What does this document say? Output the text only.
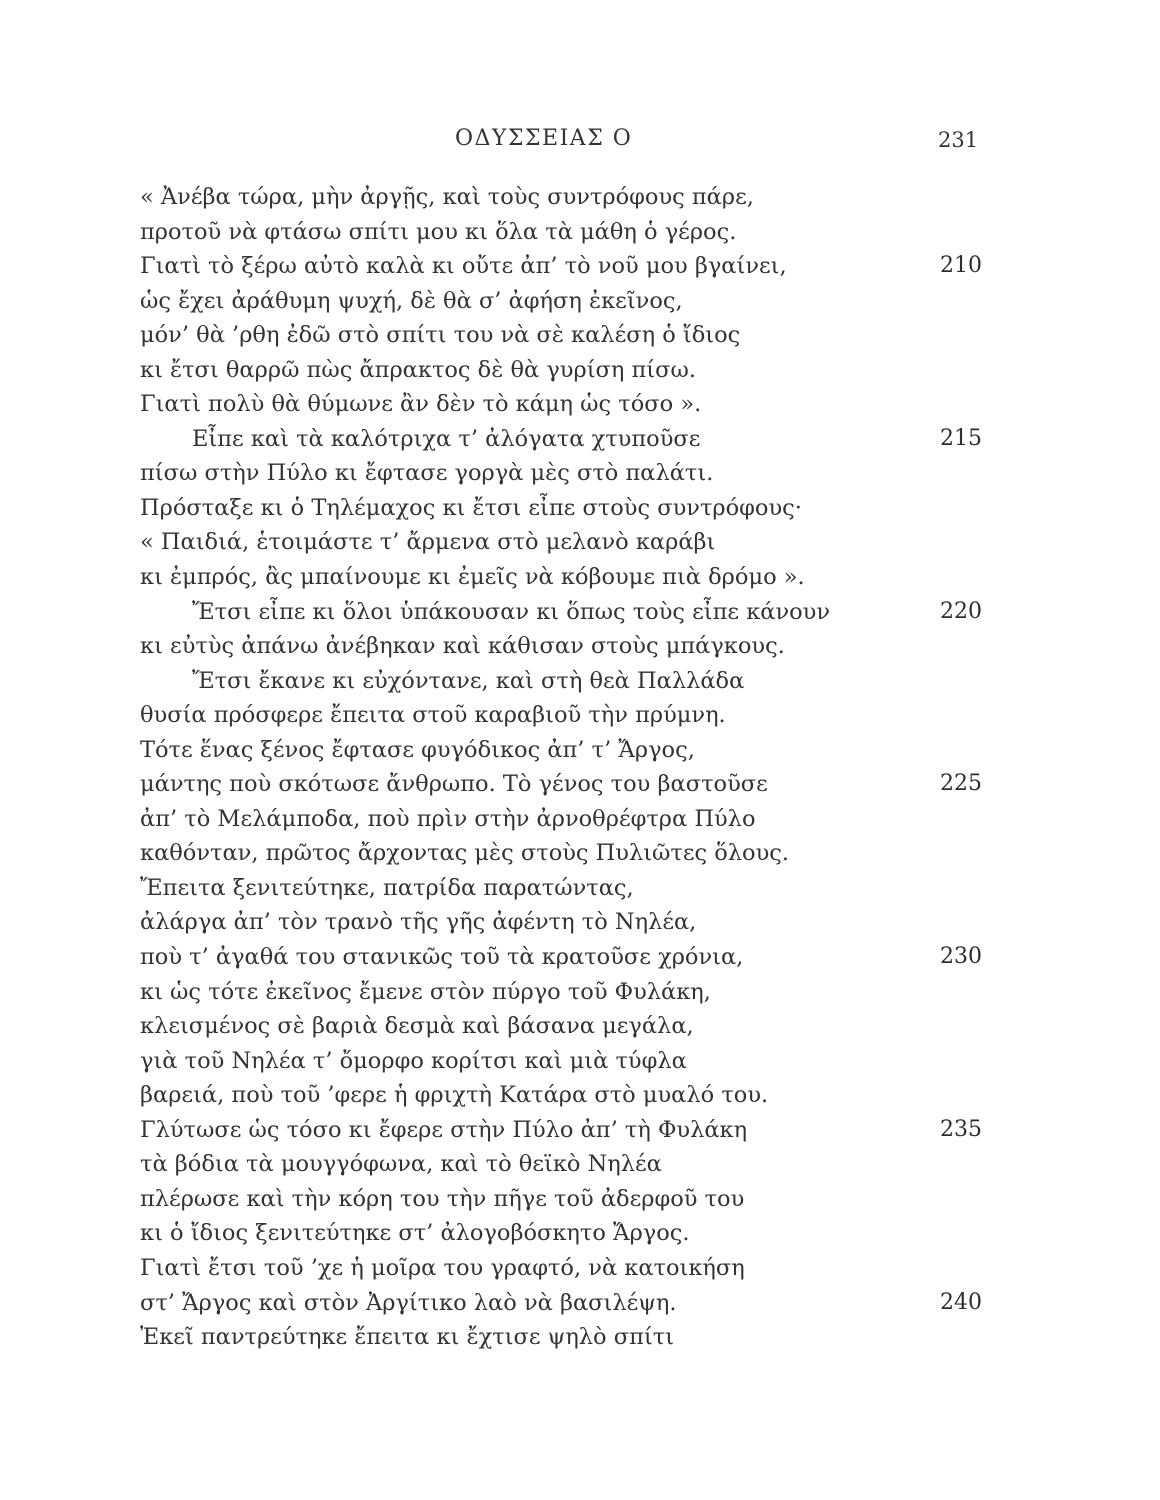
ΟΔΥΣΣΕΙΑΣ Ο	231
« Ἀνέβα τώρα, μὴν ἀργῇς, καὶ τοὺς συντρόφους πάρε,
προτοῦ νὰ φτάσω σπίτι μου κι ὅλα τὰ μάθη ὁ γέρος.
Γιατὶ τὸ ξέρω αὐτὸ καλὰ κι οὔτε ἀπ’ τὸ νοῦ μου βγαίνει,	210
ὡς ἔχει ἀράθυμη ψυχή, δὲ θὰ σ’ ἀφήση ἐκεῖνος,
μόν’ θὰ ’ρθη ἐδῶ στὸ σπίτι του νὰ σὲ καλέση ὁ ἴδιος
κι ἔτσι θαρρῶ πὼς ἄπρακτος δὲ θὰ γυρίση πίσω.
Γιατὶ πολὺ θὰ θύμωνε ἂν δὲν τὸ κάμη ὡς τόσο ».
Εἶπε καὶ τὰ καλότριχα τ’ ἀλόγατα χτυποῦσε	215
πίσω στὴν Πύλο κι ἔφτασε γοργὰ μὲς στὸ παλάτι.
Πρόσταξε κι ὁ Τηλέμαχος κι ἔτσι εἶπε στοὺς συντρόφους·
« Παιδιά, ἑτοιμάστε τ’ ἄρμενα στὸ μελανὸ καράβι
κι ἐμπρός, ἂς μπαίνουμε κι ἐμεῖς νὰ κόβουμε πιὰ δρόμο ».
Ἔτσι εἶπε κι ὅλοι ὑπάκουσαν κι ὅπως τοὺς εἶπε κάνουν	220
κι εὐτὺς ἀπάνω ἀνέβηκαν καὶ κάθισαν στοὺς μπάγκους.
Ἔτσι ἔκανε κι εὐχόντανε, καὶ στὴ θεὰ Παλλάδα
θυσία πρόσφερε ἔπειτα στοῦ καραβιοῦ τὴν πρύμνη.
Τότε ἕνας ξένος ἔφτασε φυγόδικος ἀπ’ τ’ Ἄργος,
μάντης ποὺ σκότωσε ἄνθρωπο. Τὸ γένος του βαστοῦσε	225
ἀπ’ τὸ Μελάμποδα, ποὺ πρὶν στὴν ἀρνοθρέφτρα Πύλο
καθόνταν, πρῶτος ἄρχοντας μὲς στοὺς Πυλιῶτες ὅλους.
Ἔπειτα ξενιτεύτηκε, πατρίδα παρατώντας,
ἀλάργα ἀπ’ τὸν τρανὸ τῆς γῆς ἀφέντη τὸ Νηλέα,
ποὺ τ’ ἀγαθά του στανικῶς τοῦ τὰ κρατοῦσε χρόνια,	230
κι ὡς τότε ἐκεῖνος ἔμενε στὸν πύργο τοῦ Φυλάκη,
κλεισμένος σὲ βαριὰ δεσμὰ καὶ βάσανα μεγάλα,
γιὰ τοῦ Νηλέα τ’ ὄμορφο κορίτσι καὶ μιὰ τύφλα
βαρειά, ποὺ τοῦ ’φερε ἡ φριχτὴ Κατάρα στὸ μυαλό του.
Γλύτωσε ὡς τόσο κι ἔφερε στὴν Πύλο ἀπ’ τὴ Φυλάκη	235
τὰ βόδια τὰ μουγγόφωνα, καὶ τὸ θεϊκὸ Νηλέα
πλέρωσε καὶ τὴν κόρη του τὴν πῆγε τοῦ ἀδερφοῦ του
κι ὁ ἴδιος ξενιτεύτηκε στ’ ἀλογοβόσκητο Ἄργος.
Γιατὶ ἔτσι τοῦ ’χε ἡ μοῖρα του γραφτό, νὰ κατοικήση
στ’ Ἄργος καὶ στὸν Ἀργίτικο λαὸ νὰ βασιλέψη.	240
Ἐκεῖ παντρεύτηκε ἔπειτα κι ἔχτισε ψηλὸ σπίτι
